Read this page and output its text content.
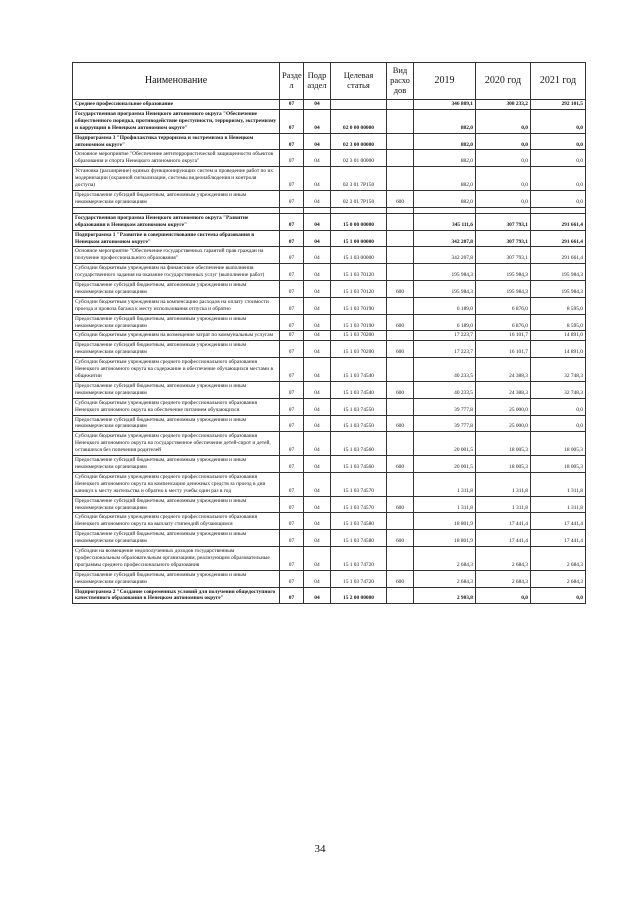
Наименование	Разде л	Подр аздел	Целевая статья	Вид расхо дов	2019	2020 год	2021 год
Среднее профессиональное образование	07	04			346 809,1	308 233,2	292 101,5
Государственная программа Ненецкого автономного округа "Обеспечение общественного порядка, противодействие преступности, терроризму, экстремизму и коррупции в Ненецком автономном округе"	07	04	02 0 00 00000		882,0	0,0	0,0
Подпрограмма 3 "Профилактика терроризма и экстремизма в Ненецком автономном округе"	07	04	02 3 00 00000		882,0	0,0	0,0
Основное мероприятие "Обеспечение антитеррористической защищенности объектов образования и спорта Ненецкого автономного округа"	07	04	02 3 01 00000		882,0	0,0	0,0
Установка (расширение) единых функционирующих систем и проведение работ по их модернизации (охранной сигнализации, системы видеонаблюдения и контроля доступа)	07	04	02 3 01 7Р150		882,0	0,0	0,0
Предоставление субсидий бюджетным, автономным учреждениям и иным некоммерческим организациям	07	04	02 3 01 7Р150	600	882,0	0,0	0,0

Государственная программа Ненецкого автономного округа "Развитие образования в Ненецком автономном округе"	07	04	15 0 00 00000		345 111,6	307 793,1	291 661,4
Подпрограмма 1 "Развитие и совершенствование системы образования в Ненецком автономном округе"	07	04	15 1 00 00000		342 207,8	307 793,1	291 661,4
Основное мероприятие "Обеспечение государственных гарантий прав граждан на получение профессионального образования"	07	04	15 1 03 00000		342 207,8	307 793,1	291 661,4
Субсидии бюджетным учреждениям на финансовое обеспечение выполнения государственного задания на оказание государственных услуг (выполнение работ)	07	04	15 1 03 70120		195 984,3	195 984,3	195 984,3
Предоставление субсидий бюджетным, автономным учреждениям и иным некоммерческим организациям	07	04	15 1 03 70120	600	195 984,3	195 984,3	195 984,3
Субсидии бюджетным учреждениям на компенсацию расходов на оплату стоимости проезда и провоза багажа к месту использования отпуска и обратно	07	04	15 1 03 70190		6 189,0	6 876,0	8 595,0
Предоставление субсидий бюджетным, автономным учреждениям и иным некоммерческим организациям	07	04	15 1 03 70190	600	6 189,0	6 876,0	8 595,0
Субсидии бюджетным учреждениям на возмещение затрат по коммунальным услугам	07	04	15 1 03 70200		17 223,7	16 101,7	14 891,0
Предоставление субсидий бюджетным, автономным учреждениям и иным некоммерческим организациям	07	04	15 1 03 70200	600	17 223,7	16 101,7	14 891,0
Субсидии бюджетным учреждениям среднего профессионального образования Ненецкого автономного округа на содержание и обеспечение обучающихся местами в общежитии	07	04	15 1 03 74540		40 233,5	24 388,3	32 748,3
Предоставление субсидий бюджетным, автономным учреждениям и иным некоммерческим организациям	07	04	15 1 03 74540	600	40 233,5	24 388,3	32 748,3
Субсидии бюджетным учреждениям среднего профессионального образования Ненецкого автономного округа на обеспечение питанием обучающихся	07	04	15 1 03 74550		39 777,8	25 000,0	0,0
Предоставление субсидий бюджетным, автономным учреждениям и иным некоммерческим организациям	07	04	15 1 03 74550	600	39 777,8	25 000,0	0,0
Субсидии бюджетным учреждениям среднего профессионального образования Ненецкого автономного округа на государственное обеспечение детей-сирот и детей, оставшихся без попечения родителей	07	04	15 1 03 74560		20 001,5	18 005,3	18 005,3
Предоставление субсидий бюджетным, автономным учреждениям и иным некоммерческим организациям	07	04	15 1 03 74560	600	20 001,5	18 005,3	18 005,3
Субсидии бюджетным учреждениям среднего профессионального образования Ненецкого автономного округа на компенсацию денежных средств за проезд в дни каникул к месту жительства и обратно к месту учебы один раз в год	07	04	15 1 03 74570		1 311,8	1 311,8	1 311,8
Предоставление субсидий бюджетным, автономным учреждениям и иным некоммерческим организациям	07	04	15 1 03 74570	600	1 311,8	1 311,8	1 311,8
Субсидии бюджетным учреждениям среднего профессионального образования Ненецкого автономного округа на выплату стипендий обучающимся	07	04	15 1 03 74580		18 801,9	17 441,4	17 441,4
Предоставление субсидий бюджетным, автономным учреждениям и иным некоммерческим организациям	07	04	15 1 03 74580	600	18 801,9	17 441,4	17 441,4
Субсидии на возмещение недополученных доходов государственным профессиональным образовательным организациям, реализующим образовательные программы среднего профессионального образования	07	04	15 1 03 74720		2 684,3	2 684,3	2 684,3
Предоставление субсидий бюджетным, автономным учреждениям и иным некоммерческим организациям	07	04	15 1 03 74720	600	2 684,3	2 684,3	2 684,3
Подпрограмма 2 "Создание современных условий для получения общедоступного качественного образования в Ненецком автономном округе"	07	04	15 2 00 00000		2 903,8	0,0	0,0
34
